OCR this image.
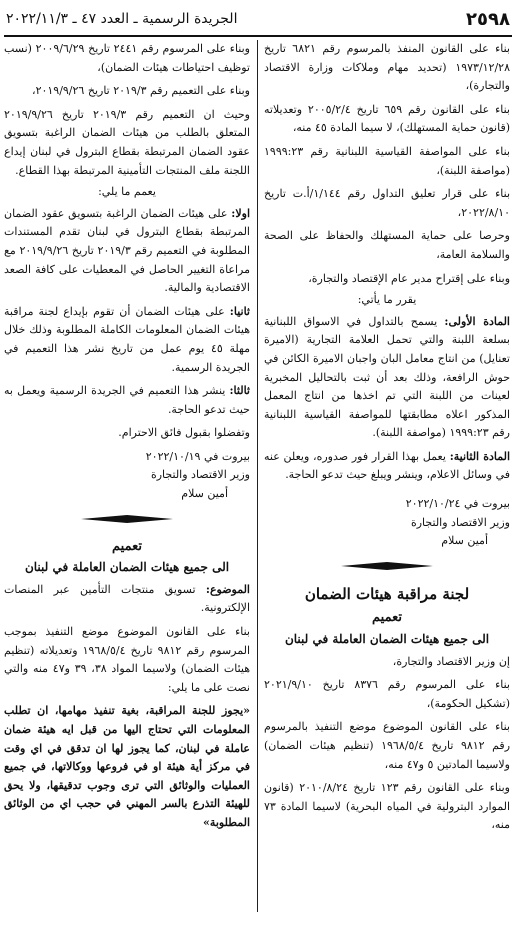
٢٥٩٨
الجريدة الرسمية ـ العدد ٤٧ ـ ٢٠٢٢/١١/٣

بناء على القانون المنفذ بالمرسوم رقم ٦٨٢١ تاريخ ١٩٧٣/١٢/٢٨ (تحديد مهام وملاكات وزارة الاقتصاد والتجارة)،

بناء على القانون رقم ٦٥٩ تاريخ ٢٠٠٥/٢/٤ وتعديلاته (قانون حماية المستهلك)، لا سيما المادة ٤٥ منه،

بناء على المواصفة القياسية اللبنانية رقم ١٩٩٩:٢٣ (مواصفة اللبنة)،

بناء على قرار تعليق التداول رقم ١/١٤٤/أ.ت تاريخ ٢٠٢٢/٨/١٠،

وحرصا على حماية المستهلك والحفاظ على الصحة والسلامة العامة،

وبناء على إقتراح مدير عام الإقتصاد والتجارة،

يقرر ما يأتي:

المادة الأولى: يسمح بالتداول في الاسواق اللبنانية بسلعة اللبنة والتي تحمل العلامة التجارية (الاميرة تعنايل) من انتاج معامل البان واجبان الاميرة الكائن في حوش الرافعة، وذلك بعد أن ثبت بالتحاليل المخبرية لعينات من اللبنة التي تم اخذها من انتاج المعمل المذكور اعلاه مطابقتها للمواصفة القياسية اللبنانية رقم ١٩٩٩:٢٣ (مواصفة اللبنة).

المادة الثانية: يعمل بهذا القرار فور صدوره، ويعلن عنه في وسائل الاعلام، وينشر ويبلغ حيث تدعو الحاجة.

بيروت في ٢٠٢٢/١٠/٢٤

وزير الاقتصاد والتجارة

أمين سلام

لجنة مراقبة هيئات الضمان
تعميم
الى جميع هيئات الضمان العاملة في لبنان

إن وزير الاقتصاد والتجارة،

بناء على المرسوم رقم ٨٣٧٦ تاريخ ٢٠٢١/٩/١٠ (تشكيل الحكومة)،

بناء على القانون الموضوع موضع التنفيذ بالمرسوم رقم ٩٨١٢ تاريخ ١٩٦٨/٥/٤ (تنظيم هيئات الضمان) ولاسيما المادتين ٥ و٤٧ منه،

وبناء على القانون رقم ١٢٣ تاريخ ٢٠١٠/٨/٢٤ (قانون الموارد البترولية في المياه البحرية) لاسيما المادة ٧٣ منه،

وبناء على المرسوم رقم ٢٤٤١ تاريخ ٢٠٠٩/٦/٢٩ (نسب توظيف احتياطات هيئات الضمان)،

وبناء على التعميم رقم ٢٠١٩/٣ تاريخ ٢٠١٩/٩/٢٦،

وحيث ان التعميم رقم ٢٠١٩/٣ تاريخ ٢٠١٩/٩/٢٦ المتعلق بالطلب من هيئات الضمان الراغبة بتسويق عقود الضمان المرتبطة بقطاع البترول في لبنان إيداع اللجنة ملف المنتجات التأمينية المرتبطة بهذا القطاع.

يعمم ما يلي:

اولا: على هيئات الضمان الراغبة بتسويق عقود الضمان المرتبطة بقطاع البترول في لبنان تقدم المستندات المطلوبة في التعميم رقم ٢٠١٩/٣ تاريخ ٢٠١٩/٩/٢٦ مع مراعاة التغيير الحاصل في المعطيات على كافة الصعد الاقتصادية والمالية.

ثانيا: على هيئات الضمان أن تقوم بإيداع لجنة مراقبة هيئات الضمان المعلومات الكاملة المطلوبة وذلك خلال مهلة ٤٥ يوم عمل من تاريخ نشر هذا التعميم في الجريدة الرسمية.

ثالثا: ينشر هذا التعميم في الجريدة الرسمية ويعمل به حيث تدعو الحاجة.

وتفضلوا بقبول فائق الاحترام.

بيروت في ٢٠٢٢/١٠/١٩

وزير الاقتصاد والتجارة

أمين سلام

تعميم
الى جميع هيئات الضمان العاملة في لبنان

الموضوع: تسويق منتجات التأمين عبر المنصات الإلكترونية.

بناء على القانون الموضوع موضع التنفيذ بموجب المرسوم رقم ٩٨١٢ تاريخ ١٩٦٨/٥/٤ وتعديلاته (تنظيم هيئات الضمان) ولاسيما المواد ٣٨، ٣٩ و٤٧ منه والتي نصت على ما يلي:

«يجوز للجنة المراقبة، بغية تنفيذ مهامها، ان تطلب المعلومات التي تحتاج اليها من قبل ايه هيئة ضمان عاملة في لبنان، كما يجوز لها ان تدقق في اي وقت في مركز أية هيئة او في فروعها ووكالاتها، في جميع العمليات والوثائق التي ترى وجوب تدقيقها، ولا يحق للهيئة التذرع بالسر المهني في حجب اي من الوثائق المطلوبة»
